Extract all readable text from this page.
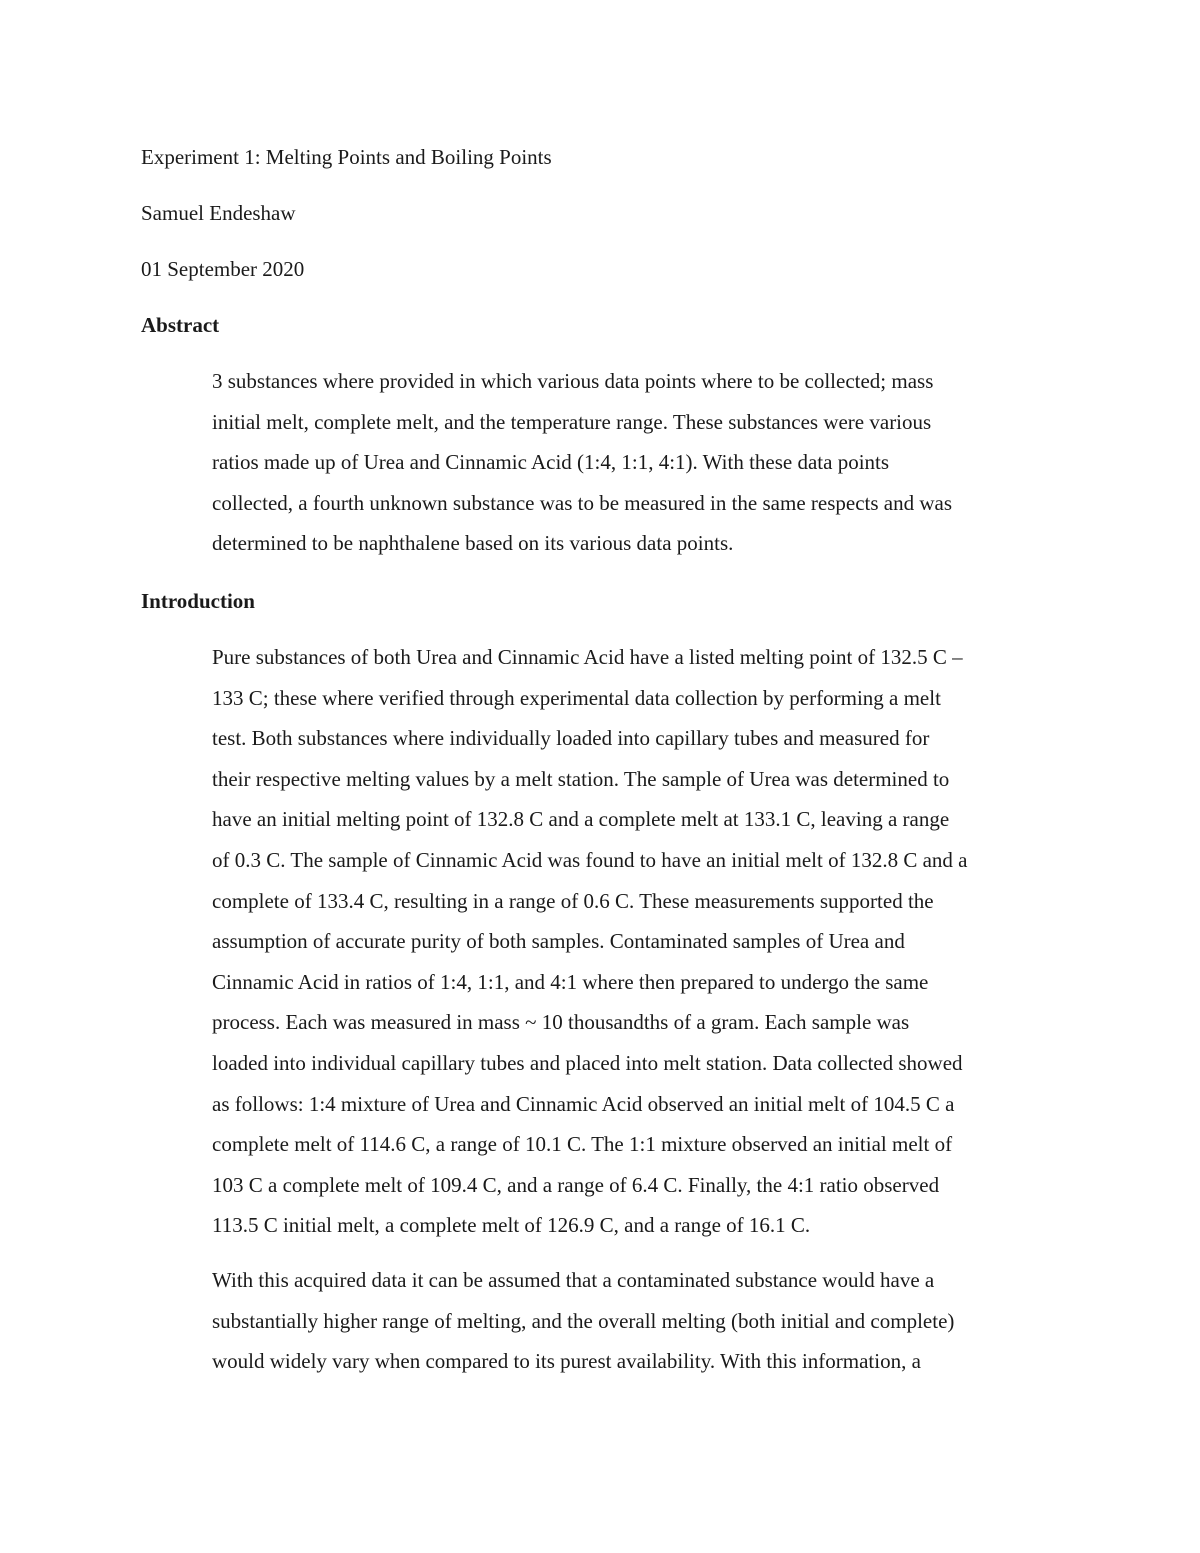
Experiment 1: Melting Points and Boiling Points
Samuel Endeshaw
01 September 2020
Abstract
3 substances where provided in which various data points where to be collected; mass
initial melt, complete melt, and the temperature range. These substances were various
ratios made up of Urea and Cinnamic Acid (1:4, 1:1, 4:1). With these data points
collected, a fourth unknown substance was to be measured in the same respects and was
determined to be naphthalene based on its various data points.
Introduction
Pure substances of both Urea and Cinnamic Acid have a listed melting point of 132.5 C –
133 C; these where verified through experimental data collection by performing a melt
test. Both substances where individually loaded into capillary tubes and measured for
their respective melting values by a melt station. The sample of Urea was determined to
have an initial melting point of 132.8 C and a complete melt at 133.1 C, leaving a range
of 0.3 C. The sample of Cinnamic Acid was found to have an initial melt of 132.8 C and a
complete of 133.4 C, resulting in a range of 0.6 C. These measurements supported the
assumption of accurate purity of both samples. Contaminated samples of Urea and
Cinnamic Acid in ratios of 1:4, 1:1, and 4:1 where then prepared to undergo the same
process. Each was measured in mass ~ 10 thousandths of a gram. Each sample was
loaded into individual capillary tubes and placed into melt station. Data collected showed
as follows: 1:4 mixture of Urea and Cinnamic Acid observed an initial melt of 104.5 C a
complete melt of 114.6 C, a range of 10.1 C. The 1:1 mixture observed an initial melt of
103 C a complete melt of 109.4 C, and a range of 6.4 C. Finally, the 4:1 ratio observed
113.5 C initial melt, a complete melt of 126.9 C, and a range of 16.1 C.
With this acquired data it can be assumed that a contaminated substance would have a
substantially higher range of melting, and the overall melting (both initial and complete)
would widely vary when compared to its purest availability. With this information, a
